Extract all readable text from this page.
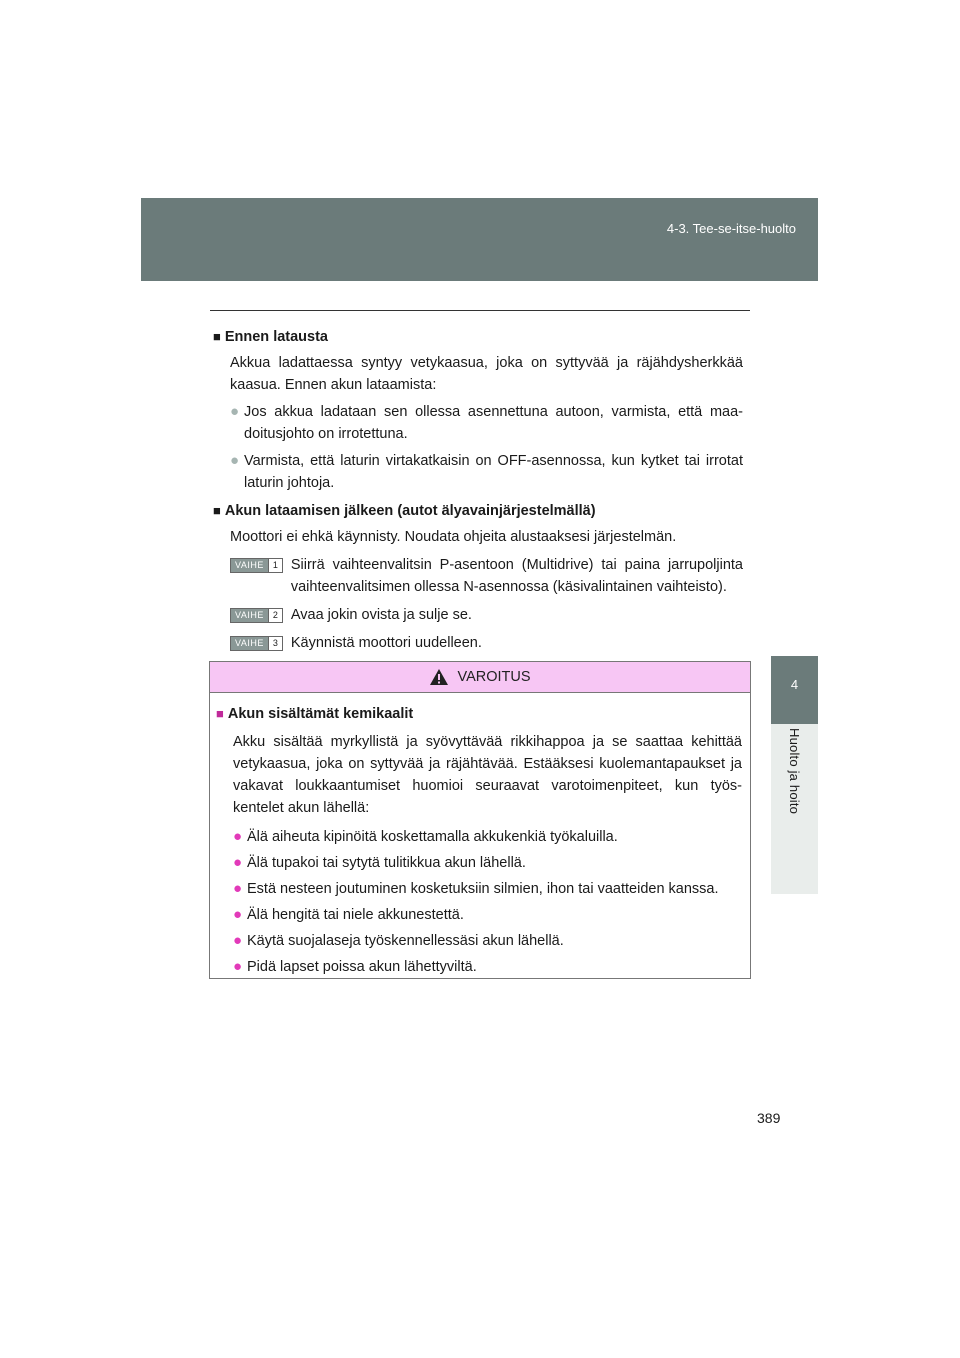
4-3. Tee-se-itse-huolto
4
Huolto ja hoito

■ Ennen latausta

Akkua ladattaessa syntyy vetykaasua, joka on syttyvää ja räjähdysherkkää kaasua. Ennen akun lataamista:

● Jos akkua ladataan sen ollessa asennettuna autoon, varmista, että maa-doitusjohto on irrotettuna.
● Varmista, että laturin virtakatkaisin on OFF-asennossa, kun kytket tai irrotat laturin johtoja.

■ Akun lataamisen jälkeen (autot älyavainjärjestelmällä)

Moottori ei ehkä käynnisty. Noudata ohjeita alustaaksesi järjestelmän.

VAIHE	1 Siirrä vaihteenvalitsin P-asentoon (Multidrive) tai paina jarrupoljinta vaihteenvalitsimen ollessa N-asennossa (käsivalintainen vaihteisto).
VAIHE	2 Avaa jokin ovista ja sulje se.
VAIHE	3 Käynnistä moottori uudelleen.
VAROITUS

■ Akun sisältämät kemikaalit

Akku sisältää myrkyllistä ja syövyttävää rikkihappoa ja se saattaa kehittää vetykaasua, joka on syttyvää ja räjähtävää. Estääksesi kuolemantapaukset ja vakavat loukkaantumiset huomioi seuraavat varotoimenpiteet, kun työs-kentelet akun lähellä:

● Älä aiheuta kipinöitä koskettamalla akkukenkiä työkaluilla.
● Älä tupakoi tai sytytä tulitikkua akun lähellä.
● Estä nesteen joutuminen kosketuksiin silmien, ihon tai vaatteiden kanssa.
● Älä hengitä tai niele akkunestettä.
● Käytä suojalaseja työskennellessäsi akun lähellä.
● Pidä lapset poissa akun lähettyviltä.
389
